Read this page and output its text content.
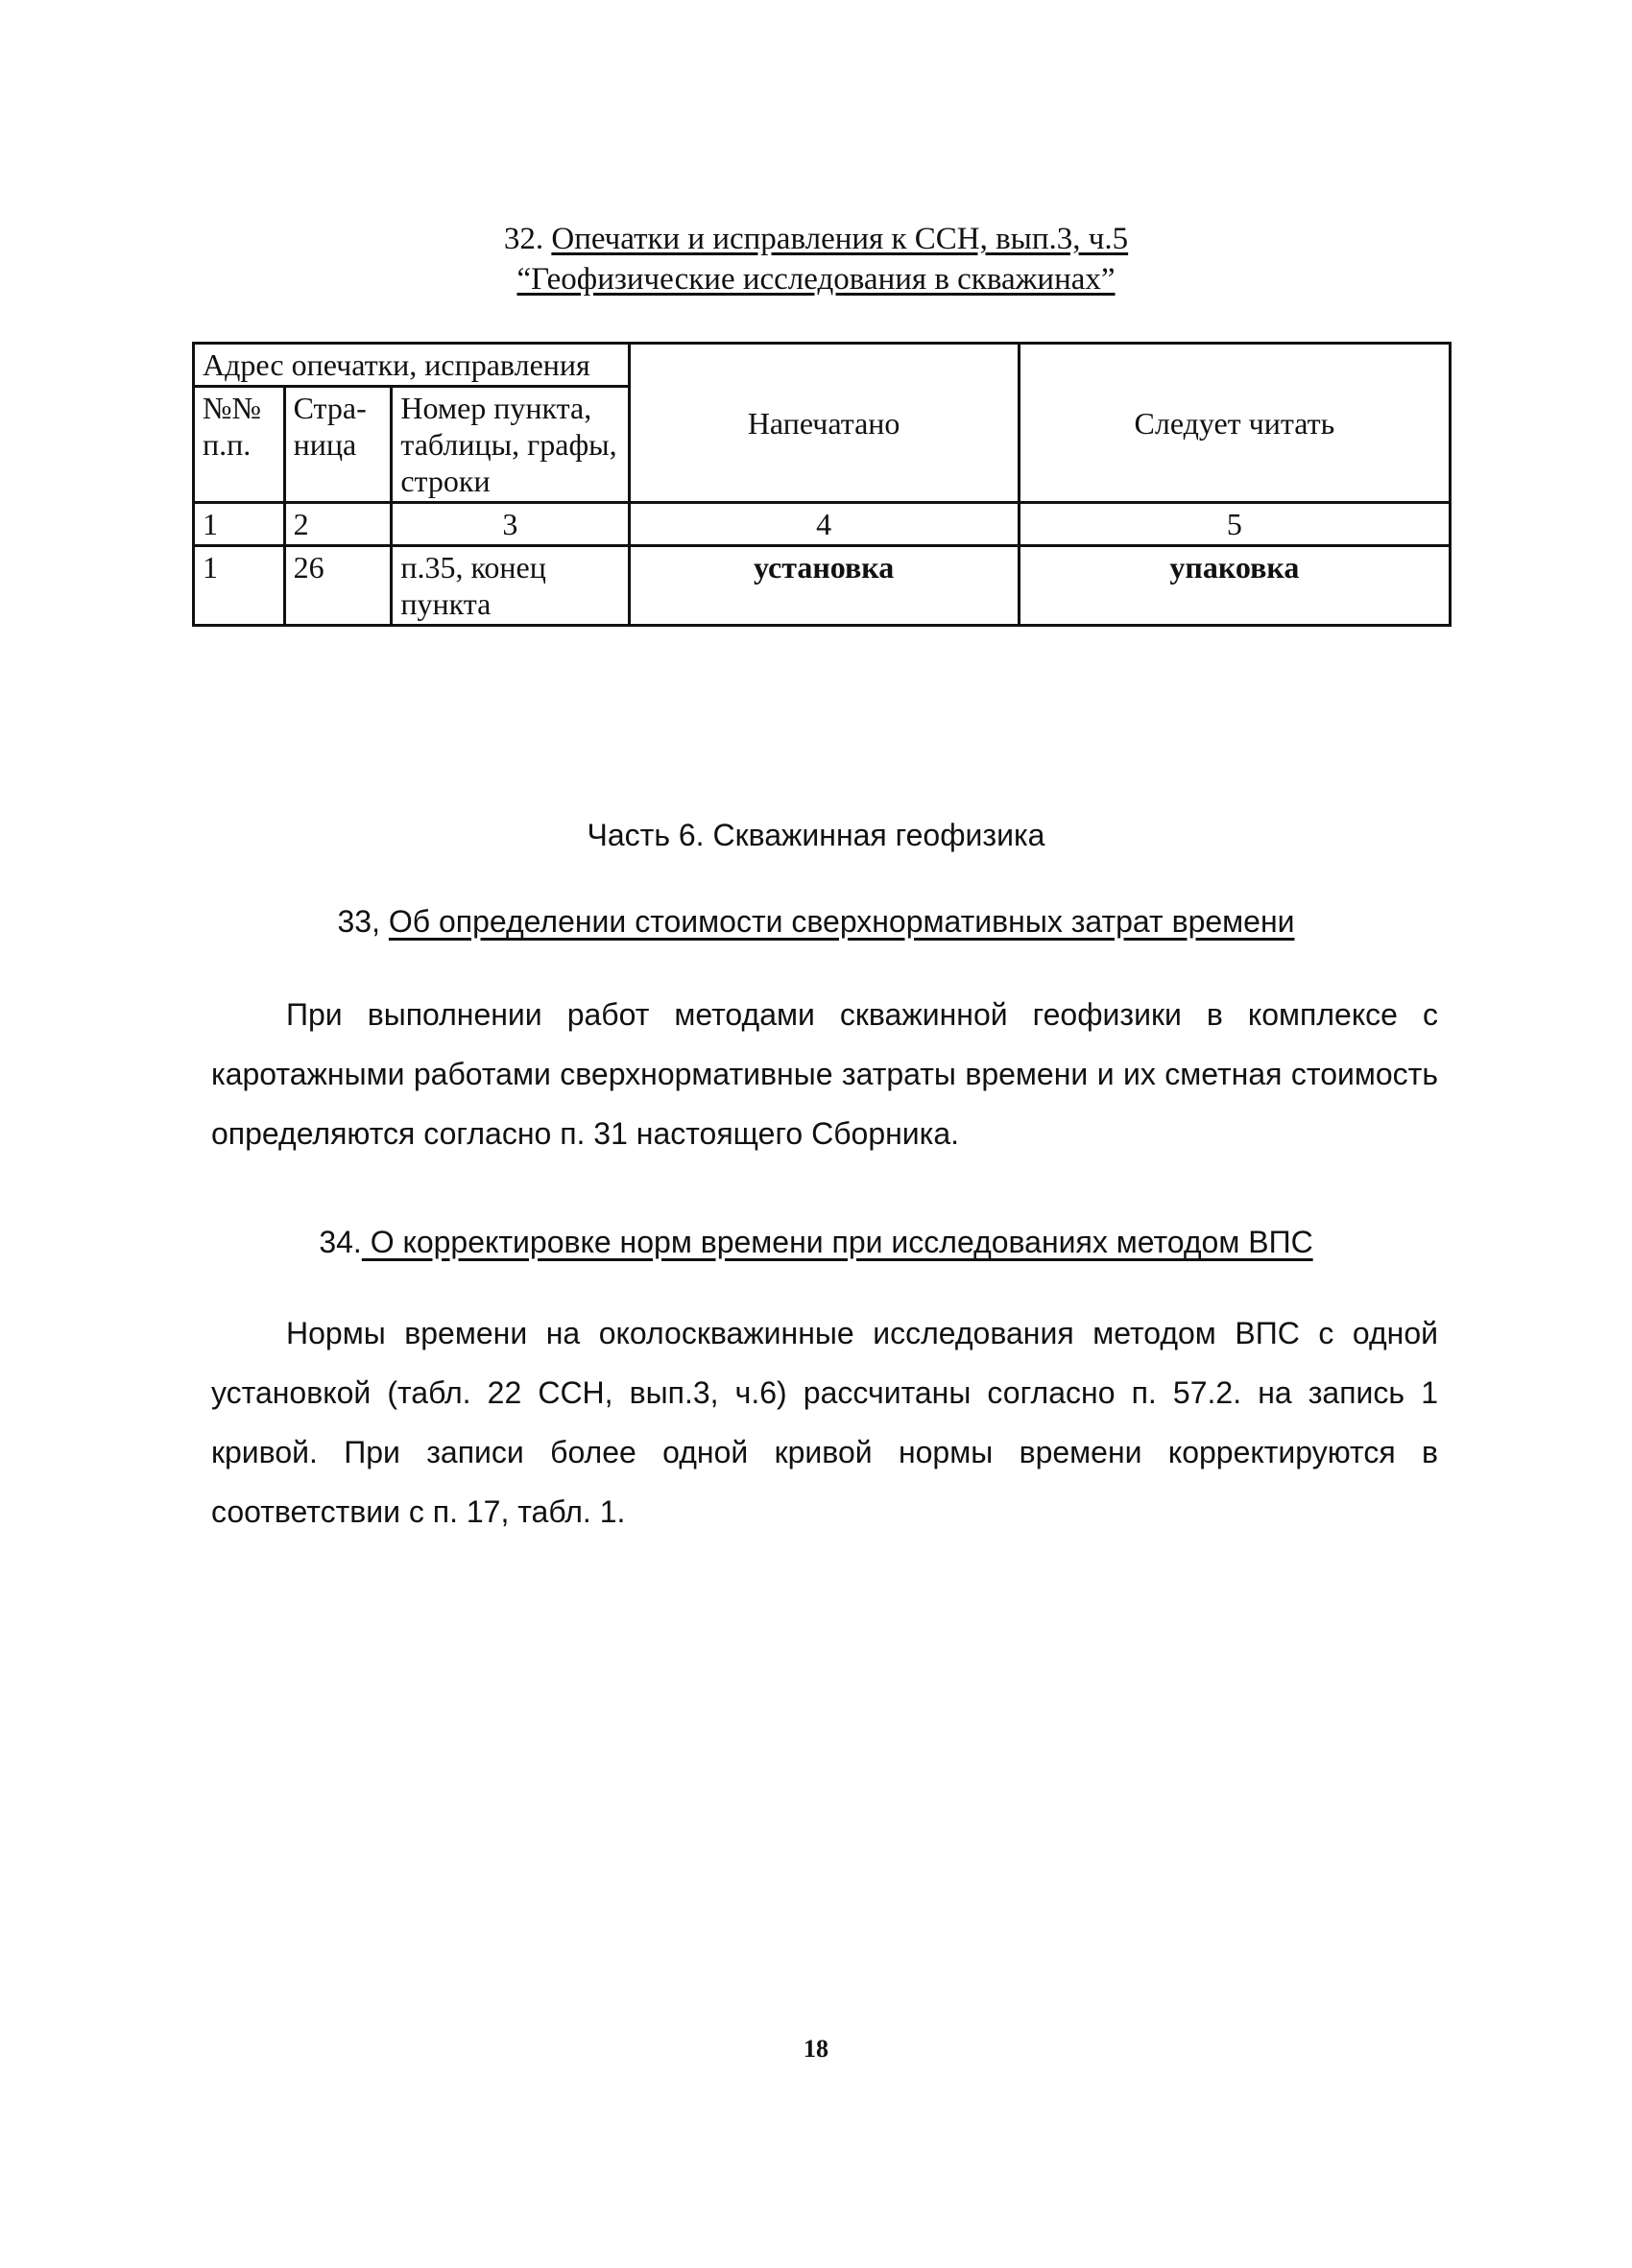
32. Опечатки и исправления к ССН, вып.3, ч.5
“Геофизические исследования в скважинах”
Адрес опечатки, исправления			Напечатано	Следует читать
№№ п.п.	Стра-ница	Номер пункта, таблицы, графы, строки		
1	2	3	4	5
1	26	п.35, конец пункта	установка	упаковка
Часть 6. Скважинная геофизика
33, Об определении стоимости сверхнормативных затрат времени
При выполнении работ методами скважинной геофизики в комплексе с каротажными работами сверхнормативные затраты времени и их сметная стоимость определяются согласно п. 31 настоящего Сборника.
34. О корректировке норм времени при исследованиях методом ВПС
Нормы времени на околоскважинные исследования методом ВПС с одной установкой (табл. 22 ССН, вып.3, ч.6) рассчитаны согласно п. 57.2. на запись 1 кривой. При записи более одной кривой нормы времени корректируются в соответствии с п. 17, табл. 1.
18
